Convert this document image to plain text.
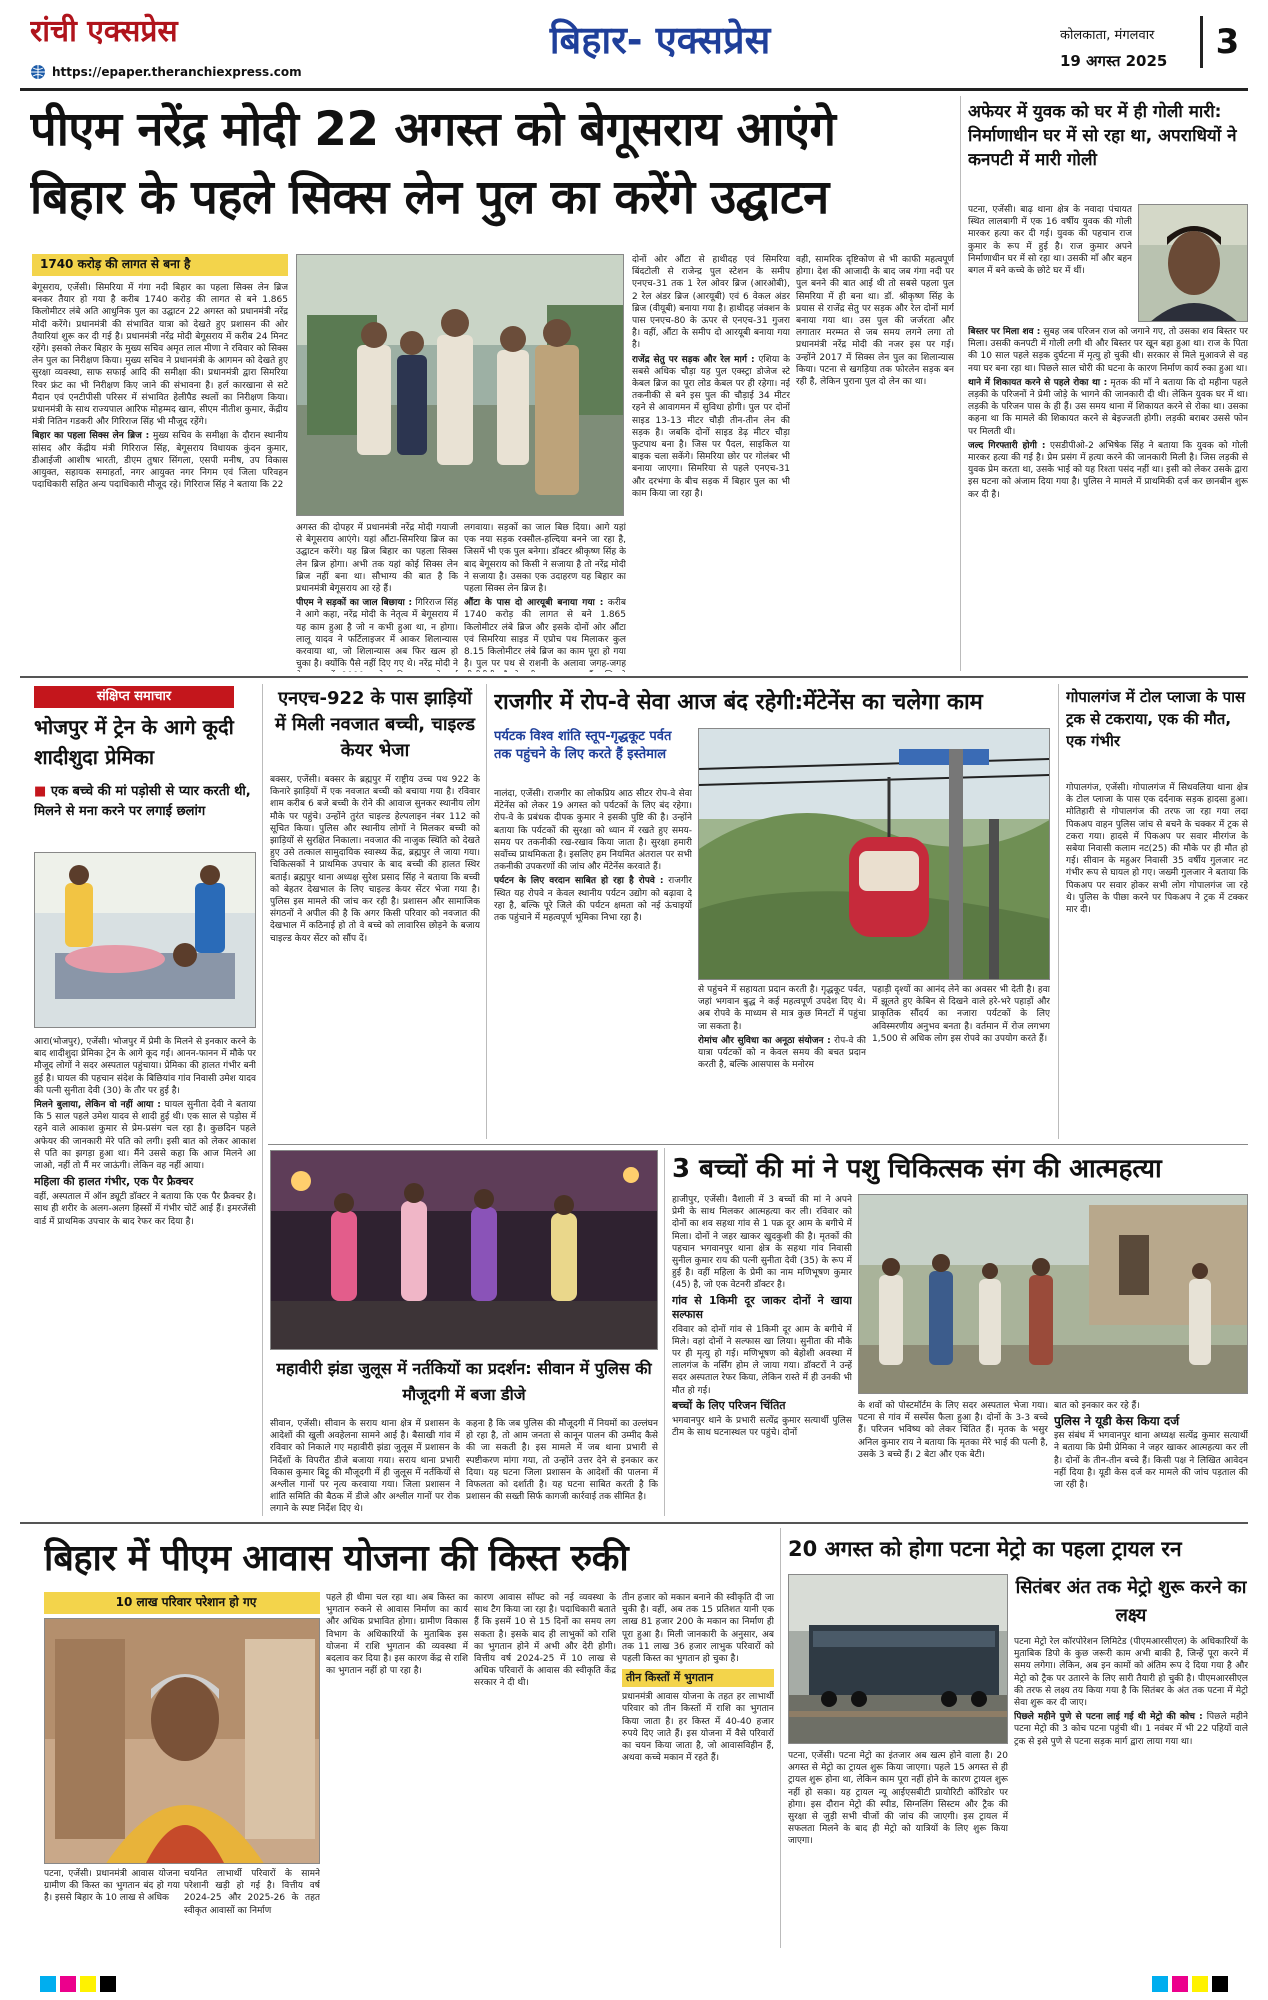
रांची एक्सप्रेस
https://epaper.theranchiexpress.com
बिहार- एक्सप्रेस	कोलकाता, मंगलवार
19 अगस्त 2025	3
पीएम नरेंद्र मोदी 22 अगस्त को बेगूसराय आएंगे
बिहार के पहले सिक्स लेन पुल का करेंगे उद्घाटन
1740 करोड़ की लागत से बना है

बेगूसराय, एजेंसी। सिमरिया में गंगा नदी बिहार का पहला सिक्स लेन ब्रिज बनकर तैयार हो गया है करीब 1740 करोड़ की लागत से बने 1.865 किलोमीटर लंबे अति आधुनिक पुल का उद्घाटन 22 अगस्त को प्रधानमंत्री नरेंद्र मोदी करेंगे। प्रधानमंत्री की संभावित यात्रा को देखते हुए प्रशासन की ओर तैयारियां शुरू कर दी गई है। प्रधानमंत्री नरेंद्र मोदी बेगूसराय में करीब 24 मिनट रहेंगे। इसको लेकर बिहार के मुख्य सचिव अमृत लाल मीणा ने रविवार को सिक्स लेन पुल का निरीक्षण किया। मुख्य सचिव ने प्रधानमंत्री के आगमन को देखते हुए सुरक्षा व्यवस्था, साफ सफाई आदि की समीक्षा की। प्रधानमंत्री द्वारा सिमरिया रिवर फ्रंट का भी निरीक्षण किए जाने की संभावना है। हर्ल कारखाना से सटे मैदान एवं एनटीपीसी परिसर में संभावित हेलीपैड स्थलों का निरीक्षण किया। प्रधानमंत्री के साथ राज्यपाल आरिफ मोहम्मद खान, सीएम नीतीश कुमार, केंद्रीय मंत्री नितिन गडकरी और गिरिराज सिंह भी मौजूद रहेंगे।

बिहार का पहला सिक्स लेन ब्रिज : मुख्य सचिव के समीक्षा के दौरान स्थानीय सांसद और केंद्रीय मंत्री गिरिराज सिंह, बेगूसराय विधायक कुंदन कुमार, डीआईजी आशीष भारती, डीएम तुषार सिंगला, एसपी मनीष, उप विकास आयुक्त, सहायक समाहर्ता, नगर आयुक्त नगर निगम एवं जिला परिवहन पदाधिकारी सहित अन्य पदाधिकारी मौजूद रहे। गिरिराज सिंह ने बताया कि 22

अगस्त की दोपहर में प्रधानमंत्री नरेंद्र मोदी गयाजी से बेगूसराय आएंगे। यहां औंटा-सिमरिया ब्रिज का उद्घाटन करेंगे। यह ब्रिज बिहार का पहला सिक्स लेन ब्रिज होगा। अभी तक यहां कोई सिक्स लेन ब्रिज नहीं बना था। सौभाग्य की बात है कि प्रधानमंत्री बेगूसराय आ रहे हैं।

पीएम ने सड़कों का जाल बिछाया : गिरिराज सिंह ने आगे कहा, नरेंद्र मोदी के नेतृत्व में बेगूसराय में यह काम हुआ है जो न कभी हुआ था, न होगा। लालू यादव ने फर्टिलाइजर में आकर शिलान्यास करवाया था, जो शिलान्यास अब फिर खत्म हो चुका है। क्योंकि पैसे नहीं दिए गए थे। नरेंद्र मोदी ने

लगवाया। सड़कों का जाल बिछ दिया। आगे यहां एक नया सड़क रक्सौल-हल्दिया बनने जा रहा है, जिसमें भी एक पुल बनेगा। डॉक्टर श्रीकृष्ण सिंह के बाद बेगूसराय को किसी ने सजाया है तो नरेंद्र मोदी ने सजाया है। उसका एक उदाहरण यह बिहार का पहला सिक्स लेन ब्रिज है।

औंटा के पास दो आरयूबी बनाया गया : करीब 1740 करोड़ की लागत से बने 1.865 किलोमीटर लंबे ब्रिज और इसके दोनों ओर औंटा एवं सिमरिया साइड में एप्रोच पथ मिलाकर कुल 8.15 किलोमीटर लंबे ब्रिज का काम पूरा हो गया है। पुल पर पथ से राशनी के अलावा जगह-जगह

दोनों ओर औंटा से हाथीदह एवं सिमरिया बिंदटोली से राजेन्द्र पुल स्टेशन के समीप एनएच-31 तक 1 रेल ओवर ब्रिज (आरओबी), 2 रेल अंडर ब्रिज (आरयूबी) एवं 6 वेकल अंडर ब्रिज (वीयूबी) बनाया गया है। हाथीदह जंक्शन के पास एनएच-80 के ऊपर से एनएच-31 गुजरा है। वहीं, औंटा के समीप दो आरयूबी बनाया गया है।

राजेंद्र सेतु पर सड़क और रेल मार्ग : एशिया के सबसे अधिक चौड़ा यह पुल एक्स्ट्रा डोजेज स्टे केबल ब्रिज का पूरा लोड केबल पर ही रहेगा। नई तकनीकी से बने इस पुल की चौड़ाई 34 मीटर रहने से आवागमन में सुविधा होगी। पुल पर दोनों साइड 13-13 मीटर चौड़ी तीन-तीन लेन की सड़क है। जबकि दोनों साइड डेढ़ मीटर चौड़ा फुटपाथ बना है। जिस पर पैदल, साइकिल या बाइक चला सकेंगे। सिमरिया छोर पर गोलंबर भी बनाया जाएगा। सिमरिया से पहले एनएच-31 और दरभंगा के बीच सड़क में बिहार पुल का भी काम किया जा रहा है।

वही, सामरिक दृष्टिकोण से भी काफी महत्वपूर्ण होगा। देश की आजादी के बाद जब गंगा नदी पर पुल बनने की बात आई थी तो सबसे पहला पुल सिमरिया में ही बना था। डॉ. श्रीकृष्ण सिंह के प्रयास से राजेंद्र सेतु पर सड़क और रेल दोनों मार्ग बनाया गया था। उस पुल की जर्जरता और लगातार मरम्मत से जब समय लगने लगा तो प्रधानमंत्री नरेंद्र मोदी की नजर इस पर गई। उन्होंने 2017 में सिक्स लेन पुल का शिलान्यास किया। पटना से खगड़िया तक फोरलेन सड़क बन रही है, लेकिन पुराना पुल दो लेन का था।

अफेयर में युवक को घर में ही गोली मारी: निर्माणाधीन घर में सो रहा था, अपराधियों ने कनपटी में मारी गोली
पटना, एजेंसी। बाढ़ थाना क्षेत्र के नवादा पंचायत स्थित लालबागी में एक 16 वर्षीय युवक की गोली मारकर हत्या कर दी गई। युवक की पहचान राज कुमार के रूप में हुई है। राज कुमार अपने निर्माणाधीन घर में सो रहा था। उसकी माँ और बहन बगल में बने कच्चे के छोटे घर में थीं।

बिस्तर पर मिला शव : सुबह जब परिजन राज को जगाने गए, तो उसका शव बिस्तर पर मिला। उसकी कनपटी में गोली लगी थी और बिस्तर पर खून बहा हुआ था। राज के पिता की 10 साल पहले सड़क दुर्घटना में मृत्यु हो चुकी थी। सरकार से मिले मुआवजे से वह नया घर बना रहा था। पिछले साल चोरी की घटना के कारण निर्माण कार्य रुका हुआ था।

थाने में शिकायत करने से पहले रोका था : मृतक की माँ ने बताया कि दो महीना पहले लड़की के परिजनों ने प्रेमी जोड़े के भागने की जानकारी दी थी। लेकिन युवक घर में था। लड़की के परिजन पास के ही हैं। उस समय थाना में शिकायत करने से रोका था। उसका कहना था कि मामले की शिकायत करने से बेइज्जती होगी। लड़की बराबर उससे फोन पर मिलती थी।

जल्द गिरफ्तारी होगी : एसडीपीओ-2 अभिषेक सिंह ने बताया कि युवक को गोली मारकर हत्या की गई है। प्रेम प्रसंग में हत्या करने की जानकारी मिली है। जिस लड़की से युवक प्रेम करता था, उसके भाई को यह रिश्ता पसंद नहीं था। इसी को लेकर उसके द्वारा इस घटना को अंजाम दिया गया है। पुलिस ने मामले में प्राथमिकी दर्ज कर छानबीन शुरू कर दी है।

संक्षिप्त समाचार
भोजपुर में ट्रेन के आगे कूदी शादीशुदा प्रेमिका
■ एक बच्चे की मां पड़ोसी से प्यार करती थी, मिलने से मना करने पर लगाई छलांग

आरा(भोजपुर), एजेंसी। भोजपुर में प्रेमी के मिलने से इनकार करने के बाद शादीशुदा प्रेमिका ट्रेन के आगे कूद गई। आनन-फानन में मौके पर मौजूद लोगों ने सदर अस्पताल पहुंचाया। प्रेमिका की हालत गंभीर बनी हुई है। घायल की पहचान संदेश के बिछियांव गांव निवासी उमेश यादव की पत्नी सुनीता देवी (30) के तौर पर हुई है।

मिलने बुलाया, लेकिन वो नहीं आया : घायल सुनीता देवी ने बताया कि 5 साल पहले उमेश यादव से शादी हुई थी। एक साल से पड़ोस में रहने वाले आकाश कुमार से प्रेम-प्रसंग चल रहा है। कुछदिन पहले अफेयर की जानकारी मेरे पति को लगी। इसी बात को लेकर आकाश से पति का झगड़ा हुआ था। मैंने उससे कहा कि आज मिलने आ जाओ, नहीं तो मैं मर जाऊंगी। लेकिन वह नहीं आया।

महिला की हालत गंभीर, एक पैर फ्रैक्चर

वहीं, अस्पताल में ऑन ड्यूटी डॉक्टर ने बताया कि एक पैर फ्रैक्चर है। साथ ही शरीर के अलग-अलग हिस्सों में गंभीर चोटें आई हैं। इमरजेंसी वार्ड में प्राथमिक उपचार के बाद रेफर कर दिया है।

एनएच-922 के पास झाड़ियों में मिली नवजात बच्ची, चाइल्ड केयर भेजा
बक्सर, एजेंसी। बक्सर के ब्रह्मपुर में राष्ट्रीय उच्च पथ 922 के किनारे झाड़ियों में एक नवजात बच्ची को बचाया गया है। रविवार शाम करीब 6 बजे बच्ची के रोने की आवाज सुनकर स्थानीय लोग मौके पर पहुंचे। उन्होंने तुरंत चाइल्ड हेल्पलाइन नंबर 112 को सूचित किया। पुलिस और स्थानीय लोगों ने मिलकर बच्ची को झाड़ियों से सुरक्षित निकाला। नवजात की नाजुक स्थिति को देखते हुए उसे तत्काल सामुदायिक स्वास्थ्य केंद्र, ब्रह्मपुर ले जाया गया। चिकित्सकों ने प्राथमिक उपचार के बाद बच्ची की हालत स्थिर बताई। ब्रह्मपुर थाना अध्यक्ष सुरेश प्रसाद सिंह ने बताया कि बच्ची को बेहतर देखभाल के लिए चाइल्ड केयर सेंटर भेजा गया है। पुलिस इस मामले की जांच कर रही है। प्रशासन और सामाजिक संगठनों ने अपील की है कि अगर किसी परिवार को नवजात की देखभाल में कठिनाई हो तो वे बच्चे को लावारिस छोड़ने के बजाय चाइल्ड केयर सेंटर को सौंप दें।
राजगीर में रोप-वे सेवा आज बंद रहेगी:मेंटेनेंस का चलेगा काम
पर्यटक विश्व शांति स्तूप-गृद्धकूट पर्वत तक पहुंचने के लिए करते हैं इस्तेमाल

नालंदा, एजेंसी। राजगीर का लोकप्रिय आठ सीटर रोप-वे सेवा मेंटेनेंस को लेकर 19 अगस्त को पर्यटकों के लिए बंद रहेगा। रोप-वे के प्रबंधक दीपक कुमार ने इसकी पुष्टि की है। उन्होंने बताया कि पर्यटकों की सुरक्षा को ध्यान में रखते हुए समय-समय पर तकनीकी रख-रखाव किया जाता है। सुरक्षा हमारी सर्वोच्च प्राथमिकता है। इसलिए हम नियमित अंतराल पर सभी तकनीकी उपकरणों की जांच और मेंटेनेंस करवाते हैं।

पर्यटन के लिए वरदान साबित हो रहा है रोपवे : राजगीर स्थित यह रोपवे न केवल स्थानीय पर्यटन उद्योग को बढ़ावा दे रहा है, बल्कि पूरे जिले की पर्यटन क्षमता को नई ऊंचाइयों तक पहुंचाने में महत्वपूर्ण भूमिका निभा रहा है।

से पहुंचने में सहायता प्रदान करती है। गृद्धकूट पर्वत, जहां भगवान बुद्ध ने कई महत्वपूर्ण उपदेश दिए थे। अब रोपवे के माध्यम से मात्र कुछ मिनटों में पहुंचा जा सकता है।

रोमांच और सुविधा का अनूठा संयोजन : रोप-वे की यात्रा पर्यटकों को न केवल समय की बचत प्रदान करती है, बल्कि आसपास के मनोरम

पहाड़ी दृश्यों का आनंद लेने का अवसर भी देती है। हवा में झूलते हुए केबिन से दिखने वाले हरे-भरे पहाड़ों और प्राकृतिक सौंदर्य का नजारा पर्यटकों के लिए अविस्मरणीय अनुभव बनता है। वर्तमान में रोज लगभग 1,500 से अधिक लोग इस रोपवे का उपयोग करते हैं।
गोपालगंज में टोल प्लाजा के पास ट्रक से टकराया, एक की मौत, एक गंभीर
गोपालगंज, एजेंसी। गोपालगंज में सिधवलिया थाना क्षेत्र के टोल प्लाजा के पास एक दर्दनाक सड़क हादसा हुआ। मोतिहारी से गोपालगंज की तरफ जा रहा गया लदा पिकअप वाहन पुलिस जांच से बचने के चक्कर में ट्रक से टकरा गया। हादसे में पिकअप पर सवार मीरगंज के सबेया निवासी कलाम नट(25) की मौके पर ही मौत हो गई। सीवान के महुअर निवासी 35 वर्षीय गुलजार नट गंभीर रूप से घायल हो गए। जख्मी गुलजार ने बताया कि पिकअप पर सवार होकर सभी लोग गोपालगंज जा रहे थे। पुलिस के पीछा करने पर पिकअप ने ट्रक में टक्कर मार दी।
महावीरी झंडा जुलूस में नर्तकियों का प्रदर्शन: सीवान में पुलिस की मौजूदगी में बजा डीजे
सीवान, एजेंसी। सीवान के सराय थाना क्षेत्र में प्रशासन के आदेशों की खुली अवहेलना सामने आई है। बैसाखी गांव में रविवार को निकाले गए महावीरी झंडा जुलूस में प्रशासन के निर्देशों के विपरीत डीजे बजाया गया। सराय थाना प्रभारी विकास कुमार बिट्टू की मौजूदगी में ही जुलूस में नर्तकियों से अश्लील गानों पर नृत्य करवाया गया। जिला प्रशासन ने शांति समिति की बैठक में डीजे और अश्लील गानों पर रोक लगाने के स्पष्ट निर्देश दिए थे।
कहना है कि जब पुलिस की मौजूदगी में नियमों का उल्लंघन हो रहा है, तो आम जनता से कानून पालन की उम्मीद कैसे की जा सकती है। इस मामले में जब थाना प्रभारी से स्पष्टीकरण मांगा गया, तो उन्होंने उत्तर देने से इनकार कर दिया। यह घटना जिला प्रशासन के आदेशों की पालना में विफलता को दर्शाती है। यह घटना साबित करती है कि प्रशासन की सख्ती सिर्फ कागजी कार्रवाई तक सीमित है।
3 बच्चों की मां ने पशु चिकित्सक संग की आत्महत्या

हाजीपुर, एजेंसी। वैशाली में 3 बच्चों की मां ने अपने प्रेमी के साथ मिलकर आत्महत्या कर ली। रविवार को दोनों का शव सहथा गांव से 1 पक्र दूर आम के बगीचे में मिला। दोनों ने जहर खाकर खुदकुशी की है। मृतकों की पहचान भगवानपुर थाना क्षेत्र के सहथा गांव निवासी सुनील कुमार राय की पत्नी सुनीता देवी (35) के रूप में हुई है। वहीं महिला के प्रेमी का नाम मणिभूषण कुमार (45) है, जो एक वेटनरी डॉक्टर है।

गांव से 1किमी दूर जाकर दोनों ने खाया सल्फास

रविवार को दोनों गांव से 1किमी दूर आम के बगीचे में मिले। वहां दोनों ने सल्फास खा लिया। सुनीता की मौके पर ही मृत्यु हो गई। मणिभूषण को बेहोशी अवस्था में लालगंज के नर्सिंग होम ले जाया गया। डॉक्टरों ने उन्हें सदर अस्पताल रेफर किया, लेकिन रास्ते में ही उनकी भी मौत हो गई।

बच्चों के लिए परिजन चिंतित

भगवानपुर थाने के प्रभारी सत्येंद्र कुमार सत्यार्थी पुलिस टीम के साथ घटनास्थल पर पहुंचे। दोनों

के शवों को पोस्टमॉर्टम के लिए सदर अस्पताल भेजा गया। पटना से गांव में सस्पेंस फैला हुआ है। दोनों के 3-3 बच्चे हैं। परिजन भविष्य को लेकर चिंतित हैं। मृतक के भसुर अनिल कुमार राय ने बताया कि मृतका मेरे भाई की पत्नी है, उसके 3 बच्चे हैं। 2 बेटा और एक बेटी।
बात को इनकार कर रहे हैं।
पुलिस ने यूडी केस किया दर्ज
इस संबंध में भगवानपुर थाना अध्यक्ष सत्येंद्र कुमार सत्यार्थी ने बताया कि प्रेमी प्रेमिका ने जहर खाकर आत्महत्या कर ली है। दोनों के तीन-तीन बच्चे हैं। किसी पक्ष ने लिखित आवेदन नहीं दिया है। यूडी केस दर्ज कर मामले की जांच पड़ताल की जा रही है।
बिहार में पीएम आवास योजना की किस्त रुकी
10 लाख परिवार परेशान हो गए
पटना, एजेंसी। प्रधानमंत्री आवास योजना ग्रामीण की किस्त का भुगतान बंद हो गया है। इससे बिहार के 10 लाख से अधिक
चयनित लाभार्थी परिवारों के सामने परेशानी खड़ी हो गई है। वित्तीय वर्ष 2024-25 और 2025-26 के तहत स्वीकृत आवासों का निर्माण
पहले ही धीमा चल रहा था। अब किस्त का भुगतान रुकने से आवास निर्माण का कार्य और अधिक प्रभावित होगा। ग्रामीण विकास विभाग के अधिकारियों के मुताबिक इस योजना में राशि भुगतान की व्यवस्था में बदलाव कर दिया है। इस कारण केंद्र से राशि का भुगतान नहीं हो पा रहा है।
कारण आवास सॉफ्ट को नई व्यवस्था के साथ टैग किया जा रहा है। पदाधिकारी बताते हैं कि इसमें 10 से 15 दिनों का समय लग सकता है। इसके बाद ही लाभुकों को राशि का भुगतान होने में अभी और देरी होगी। वित्तीय वर्ष 2024-25 में 10 लाख से अधिक परिवारों के आवास की स्वीकृति केंद्र सरकार ने दी थी।

तीन हजार को मकान बनाने की स्वीकृति दी जा चुकी है। वहीं, अब तक 15 प्रतिशत यानी एक लाख 81 हजार 200 के मकान का निर्माण ही पूरा हुआ है। मिली जानकारी के अनुसार, अब तक 11 लाख 36 हजार लाभुक परिवारों को पहली किस्त का भुगतान हो चुका है।

तीन किस्तों में भुगतान

प्रधानमंत्री आवास योजना के तहत हर लाभार्थी परिवार को तीन किस्तों में राशि का भुगतान किया जाता है। हर किस्त में 40-40 हजार रुपये दिए जाते हैं। इस योजना में वैसे परिवारों का चयन किया जाता है, जो आवासविहीन हैं, अथवा कच्चे मकान में रहते हैं।

20 अगस्त को होगा पटना मेट्रो का पहला ट्रायल रन
सितंबर अंत तक मेट्रो शुरू करने का लक्ष्य

पटना मेट्रो रेल कॉरपोरेशन लिमिटेड (पीएमआरसीएल) के अधिकारियों के मुताबिक डिपो के कुछ जरूरी काम अभी बाकी है, जिन्हें पूरा करने में समय लगेगा। लेकिन, अब इन कामों को अंतिम रूप दे दिया गया है और मेट्रो को ट्रैक पर उतारने के लिए सारी तैयारी हो चुकी है। पीएमआरसीएल की तरफ से लक्ष्य तय किया गया है कि सितंबर के अंत तक पटना में मेट्रो सेवा शुरू कर दी जाए।

पिछले महीने पुणे से पटना लाई गई थी मेट्रो की कोच : पिछले महीने पटना मेट्रो की 3 कोच पटना पहुंची थी। 1 नवंबर में भी 22 पहियों वाले ट्रक से इसे पुणे से पटना सड़क मार्ग द्वारा लाया गया था।

पटना, एजेंसी। पटना मेट्रो का इंतजार अब खत्म होने वाला है। 20 अगस्त से मेट्रो का ट्रायल शुरू किया जाएगा। पहले 15 अगस्त से ही ट्रायल शुरू होना था, लेकिन काम पूरा नहीं होने के कारण ट्रायल शुरू नहीं हो सका। यह ट्रायल न्यू आईएसबीटी प्रायोरिटी कॉरिडोर पर होगा। इस दौरान मेट्रो की स्पीड, सिग्नलिंग सिस्टम और ट्रैक की सुरक्षा से जुड़ी सभी चीजों की जांच की जाएगी। इस ट्रायल में सफलता मिलने के बाद ही मेट्रो को यात्रियों के लिए शुरू किया जाएगा।
